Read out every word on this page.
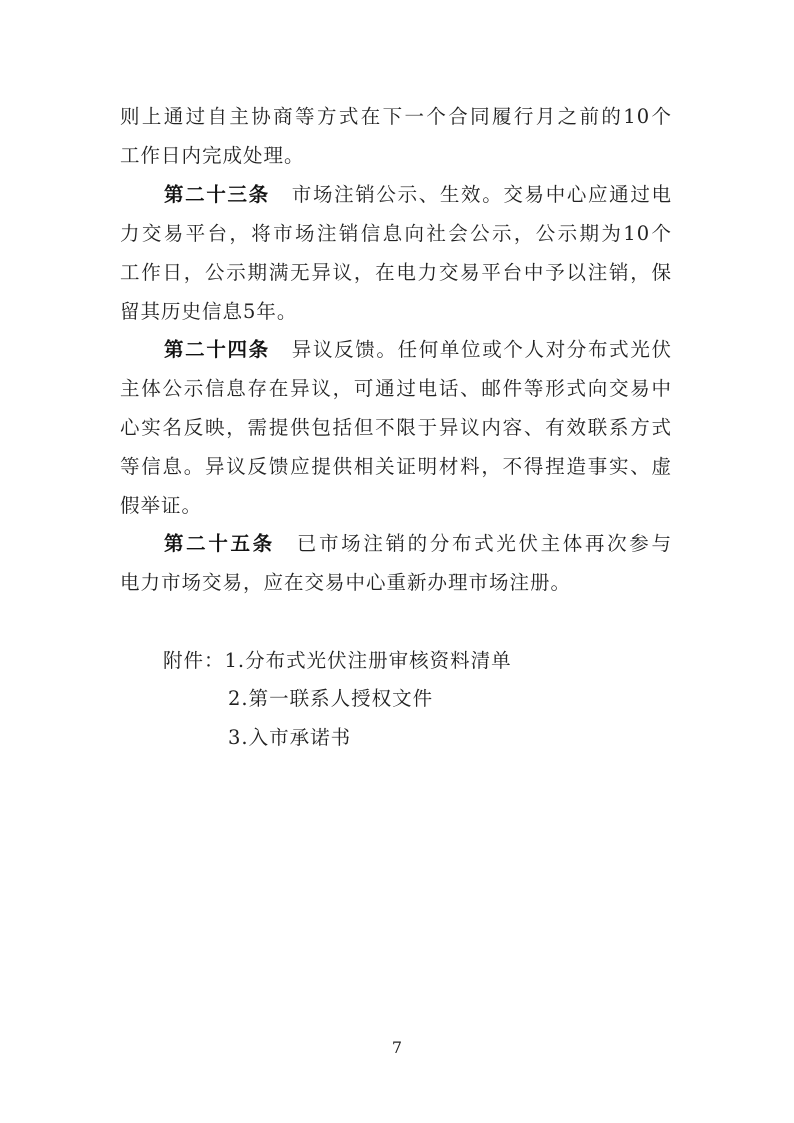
则上通过自主协商等方式在下一个合同履行月之前的10个
工作日内完成处理。
第二十三条 市场注销公示、生效。交易中心应通过电
力交易平台，将市场注销信息向社会公示，公示期为10个
工作日，公示期满无异议，在电力交易平台中予以注销，保
留其历史信息5年。
第二十四条 异议反馈。任何单位或个人对分布式光伏
主体公示信息存在异议，可通过电话、邮件等形式向交易中
心实名反映，需提供包括但不限于异议内容、有效联系方式
等信息。异议反馈应提供相关证明材料，不得捏造事实、虚
假举证。
第二十五条 已市场注销的分布式光伏主体再次参与
电力市场交易，应在交易中心重新办理市场注册。
附件：1.分布式光伏注册审核资料清单
2.第一联系人授权文件
3.入市承诺书
7
